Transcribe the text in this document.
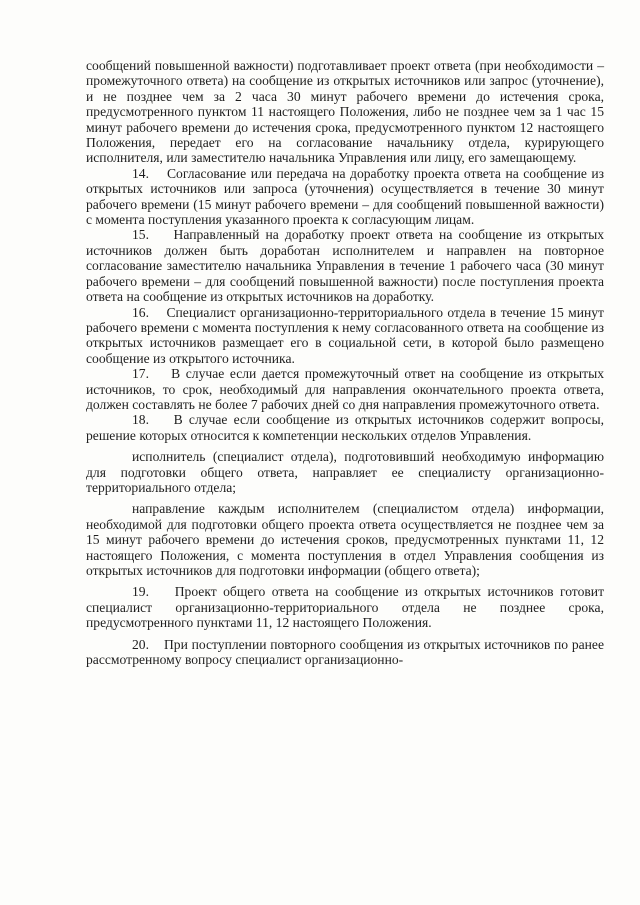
сообщений повышенной важности) подготавливает проект ответа (при необходимости – промежуточного ответа) на сообщение из открытых источников или запрос (уточнение), и не позднее чем за 2 часа 30 минут рабочего времени до истечения срока, предусмотренного пунктом 11 настоящего Положения, либо не позднее чем за 1 час 15 минут рабочего времени до истечения срока, предусмотренного пунктом 12 настоящего Положения, передает его на согласование начальнику отдела, курирующего исполнителя, или заместителю начальника Управления или лицу, его замещающему.

14. Согласование или передача на доработку проекта ответа на сообщение из открытых источников или запроса (уточнения) осуществляется в течение 30 минут рабочего времени (15 минут рабочего времени – для сообщений повышенной важности) с момента поступления указанного проекта к согласующим лицам.

15. Направленный на доработку проект ответа на сообщение из открытых источников должен быть доработан исполнителем и направлен на повторное согласование заместителю начальника Управления в течение 1 рабочего часа (30 минут рабочего времени – для сообщений повышенной важности) после поступления проекта ответа на сообщение из открытых источников на доработку.

16. Специалист организационно-территориального отдела в течение 15 минут рабочего времени с момента поступления к нему согласованного ответа на сообщение из открытых источников размещает его в социальной сети, в которой было размещено сообщение из открытого источника.

17. В случае если дается промежуточный ответ на сообщение из открытых источников, то срок, необходимый для направления окончательного проекта ответа, должен составлять не более 7 рабочих дней со дня направления промежуточного ответа.

18. В случае если сообщение из открытых источников содержит вопросы, решение которых относится к компетенции нескольких отделов Управления.

исполнитель (специалист отдела), подготовивший необходимую информацию для подготовки общего ответа, направляет ее специалисту организационно-территориального отдела;

направление каждым исполнителем (специалистом отдела) информации, необходимой для подготовки общего проекта ответа осуществляется не позднее чем за 15 минут рабочего времени до истечения сроков, предусмотренных пунктами 11, 12 настоящего Положения, с момента поступления в отдел Управления сообщения из открытых источников для подготовки информации (общего ответа);

19. Проект общего ответа на сообщение из открытых источников готовит специалист организационно-территориального отдела не позднее срока, предусмотренного пунктами 11, 12 настоящего Положения.

20. При поступлении повторного сообщения из открытых источников по ранее рассмотренному вопросу специалист организационно-
